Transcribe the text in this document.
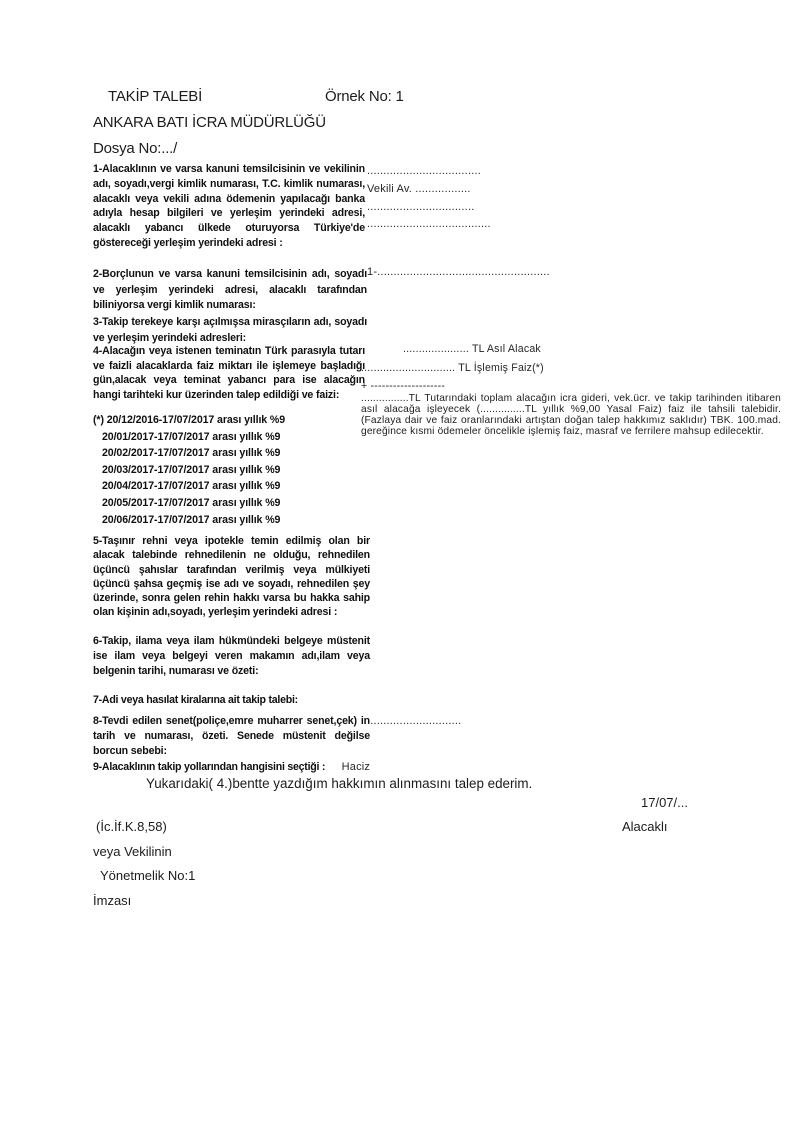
TAKİP TALEBİ	Örnek No: 1
ANKARA BATI İCRA MÜDÜRLÜĞÜ
Dosya No:.../
1-Alacaklının ve varsa kanuni temsilcisinin ve vekilinin adı, soyadı,vergi kimlik numarası, T.C. kimlik numarası, alacaklı veya vekili adına ödemenin yapılacağı banka adıyla hesap bilgileri ve yerleşim yerindeki adresi, alacaklı yabancı ülkede oturuyorsa Türkiye'de göstereceği yerleşim yerindeki adresi :
...................................
Vekili Av. .................
.................................
......................................
2-Borçlunun ve varsa kanuni temsilcisinin adı, soyadı ve yerleşim yerindeki adresi, alacaklı tarafından biliniyorsa vergi kimlik numarası:
1-.....................................................
3-Takip terekeye karşı açılmışsa mirasçıların adı, soyadı ve yerleşim yerindeki adresleri:
4-Alacağın veya istenen teminatın Türk parasıyla tutarı ve faizli alacaklarda faiz miktarı ile işlemeye başladığı gün,alacak veya teminat yabancı para ise alacağın hangi tarihteki kur üzerinden talep edildiği ve faizi:
(*) 20/12/2016-17/07/2017 arası yıllık %9
20/01/2017-17/07/2017 arası yıllık %9
20/02/2017-17/07/2017 arası yıllık %9
20/03/2017-17/07/2017 arası yıllık %9
20/04/2017-17/07/2017 arası yıllık %9
20/05/2017-17/07/2017 arası yıllık %9
20/06/2017-17/07/2017 arası yıllık %9
..................... TL Asıl Alacak
.............................. TL İşlemiş Faiz(*)
+ --------------------
................TL Tutarındaki toplam alacağın icra gideri, vek.ücr. ve takip tarihinden itibaren asıl alacağa işleyecek (...............TL yıllık %9,00 Yasal Faiz) faiz ile tahsili talebidir. (Fazlaya dair ve faiz oranlarındaki artıştan doğan talep hakkımız saklıdır) TBK. 100.mad. gereğince kısmi ödemeler öncelikle işlemiş faiz, masraf ve ferrilere mahsup edilecektir.
5-Taşınır rehni veya ipotekle temin edilmiş olan bir alacak talebinde rehnedilenin ne olduğu, rehnedilen üçüncü şahıslar tarafından verilmiş veya mülkiyeti üçüncü şahsa geçmiş ise adı ve soyadı, rehnedilen şey üzerinde, sonra gelen rehin hakkı varsa bu hakka sahip olan kişinin adı,soyadı, yerleşim yerindeki adresi :
6-Takip, ilama veya ilam hükmündeki belgeye müstenit ise ilam veya belgeyi veren makamın adı,ilam veya belgenin tarihi, numarası ve özeti:
7-Adi veya hasılat kiralarına ait takip talebi:
8-Tevdi edilen senet(poliçe,emre muharrer senet,çek) in tarih ve numarası, özeti. Senede müstenit değilse borcun sebebi:
.............................
9-Alacaklının takip yollarından hangisini seçtiği : Haciz
Yukarıdaki( 4.)bentte yazdığım hakkımın alınmasını talep ederim.
17/07/...
(İc.İf.K.8,58)	Alacaklı
veya Vekilinin
Yönetmelik No:1
İmzası
